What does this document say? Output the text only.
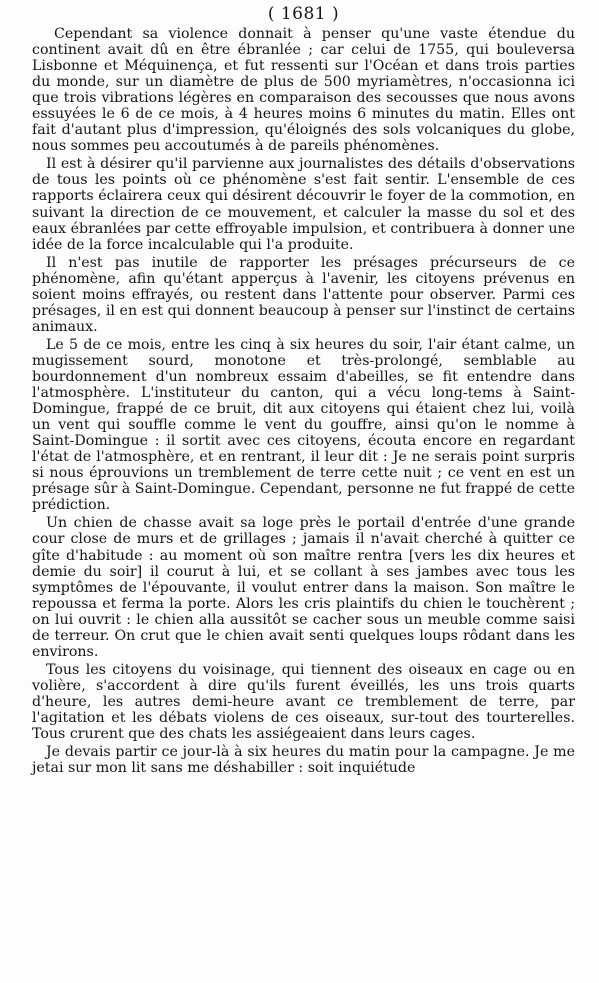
( 1681 )

Cependant sa violence donnait à penser qu'une vaste étendue du continent avait dû en être ébranlée ; car celui de 1755, qui bouleversa Lisbonne et Méquinença, et fut ressenti sur l'Océan et dans trois parties du monde, sur un diamètre de plus de 500 myriamètres, n'occasionna ici que trois vibrations légères en comparaison des secousses que nous avons essuyées le 6 de ce mois, à 4 heures moins 6 minutes du matin. Elles ont fait d'autant plus d'impression, qu'éloignés des sols volcaniques du globe, nous sommes peu accoutumés à de pareils phénomènes.

Il est à désirer qu'il parvienne aux journalistes des détails d'observations de tous les points où ce phénomène s'est fait sentir. L'ensemble de ces rapports éclairera ceux qui désirent découvrir le foyer de la commotion, en suivant la direction de ce mouvement, et calculer la masse du sol et des eaux ébranlées par cette effroyable impulsion, et contribuera à donner une idée de la force incalculable qui l'a produite.

Il n'est pas inutile de rapporter les présages précurseurs de ce phénomène, afin qu'étant apperçus à l'avenir, les citoyens prévenus en soient moins effrayés, ou restent dans l'attente pour observer. Parmi ces présages, il en est qui donnent beaucoup à penser sur l'instinct de certains animaux.

Le 5 de ce mois, entre les cinq à six heures du soir, l'air étant calme, un mugissement sourd, monotone et très-prolongé, semblable au bourdonnement d'un nombreux essaim d'abeilles, se fit entendre dans l'atmosphère. L'instituteur du canton, qui a vécu long-tems à Saint-Domingue, frappé de ce bruit, dit aux citoyens qui étaient chez lui, voilà un vent qui souffle comme le vent du gouffre, ainsi qu'on le nomme à Saint-Domingue : il sortit avec ces citoyens, écouta encore en regardant l'état de l'atmosphère, et en rentrant, il leur dit : Je ne serais point surpris si nous éprouvions un tremblement de terre cette nuit ; ce vent en est un présage sûr à Saint-Domingue. Cependant, personne ne fut frappé de cette prédiction.

Un chien de chasse avait sa loge près le portail d'entrée d'une grande cour close de murs et de grillages ; jamais il n'avait cherché à quitter ce gîte d'habitude : au moment où son maître rentra [vers les dix heures et demie du soir] il courut à lui, et se collant à ses jambes avec tous les symptômes de l'épouvante, il voulut entrer dans la maison. Son maître le repoussa et ferma la porte. Alors les cris plaintifs du chien le touchèrent ; on lui ouvrit : le chien alla aussitôt se cacher sous un meuble comme saisi de terreur. On crut que le chien avait senti quelques loups rôdant dans les environs.

Tous les citoyens du voisinage, qui tiennent des oiseaux en cage ou en volière, s'accordent à dire qu'ils furent éveillés, les uns trois quarts d'heure, les autres demi-heure avant ce tremblement de terre, par l'agitation et les débats violens de ces oiseaux, sur-tout des tourterelles. Tous crurent que des chats les assiégeaient dans leurs cages.

Je devais partir ce jour-là à six heures du matin pour la campagne. Je me jetai sur mon lit sans me déshabiller : soit inquiétude
